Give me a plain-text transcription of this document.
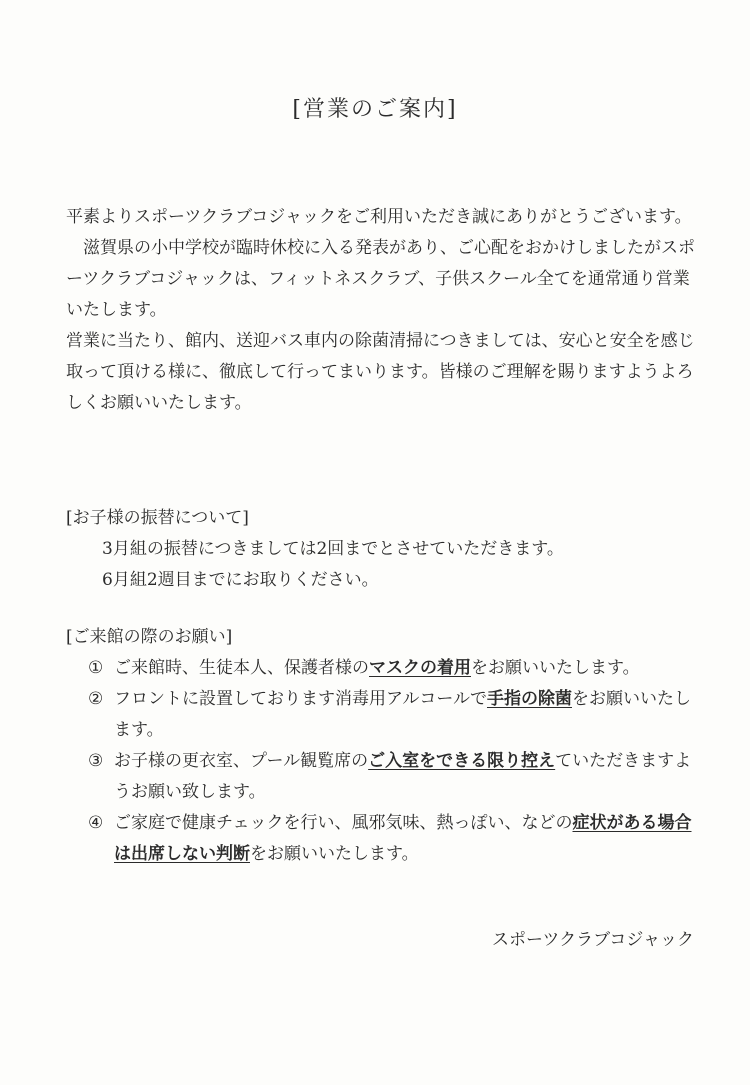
[営業のご案内]

平素よりスポーツクラブコジャックをご利用いただき誠にありがとうございます。

滋賀県の小中学校が臨時休校に入る発表があり、ご心配をおかけしましたがスポーツクラブコジャックは、フィットネスクラブ、子供スクール全てを通常通り営業いたします。

営業に当たり、館内、送迎バス車内の除菌清掃につきましては、安心と安全を感じ取って頂ける様に、徹底して行ってまいります。皆様のご理解を賜りますようよろしくお願いいたします。

[お子様の振替について]

3月組の振替につきましては2回までとさせていただきます。

6月組2週目までにお取りください。

[ご来館の際のお願い]

① ご来館時、生徒本人、保護者様のマスクの着用をお願いいたします。
② フロントに設置しております消毒用アルコールで手指の除菌をお願いいたします。
③ お子様の更衣室、プール観覧席のご入室をできる限り控えていただきますようお願い致します。
④ ご家庭で健康チェックを行い、風邪気味、熱っぽい、などの症状がある場合は出席しない判断をお願いいたします。
スポーツクラブコジャック
